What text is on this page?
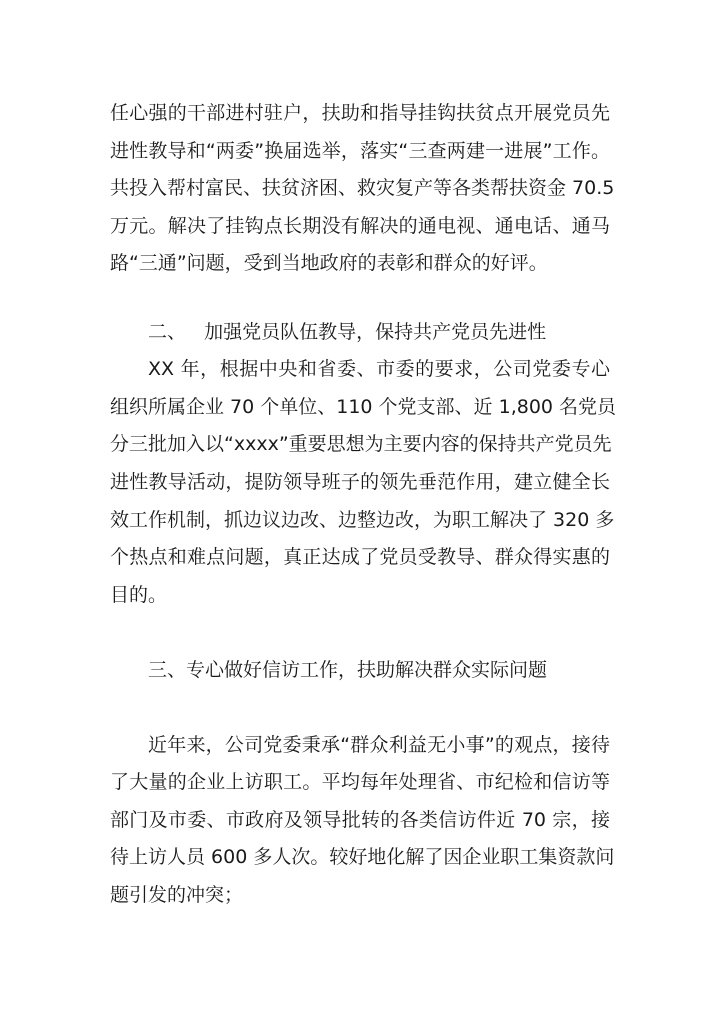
任心强的干部进村驻户，扶助和指导挂钩扶贫点开展党员先
进性教导和“两委”换届选举，落实“三查两建一进展”工作。
共投入帮村富民、扶贫济困、救灾复产等各类帮扶资金 70.5
万元。解决了挂钩点长期没有解决的通电视、通电话、通马
路“三通”问题，受到当地政府的表彰和群众的好评。
二、   加强党员队伍教导，保持共产党员先进性
XX 年，根据中央和省委、市委的要求，公司党委专心
组织所属企业 70 个单位、110 个党支部、近 1,800 名党员
分三批加入以“xxxx”重要思想为主要内容的保持共产党员先
进性教导活动，提防领导班子的领先垂范作用，建立健全长
效工作机制，抓边议边改、边整边改，为职工解决了 320 多
个热点和难点问题，真正达成了党员受教导、群众得实惠的
目的。
三、专心做好信访工作，扶助解决群众实际问题
近年来，公司党委秉承“群众利益无小事”的观点，接待
了大量的企业上访职工。平均每年处理省、市纪检和信访等
部门及市委、市政府及领导批转的各类信访件近 70 宗，接
待上访人员 600 多人次。较好地化解了因企业职工集资款问
题引发的冲突；
